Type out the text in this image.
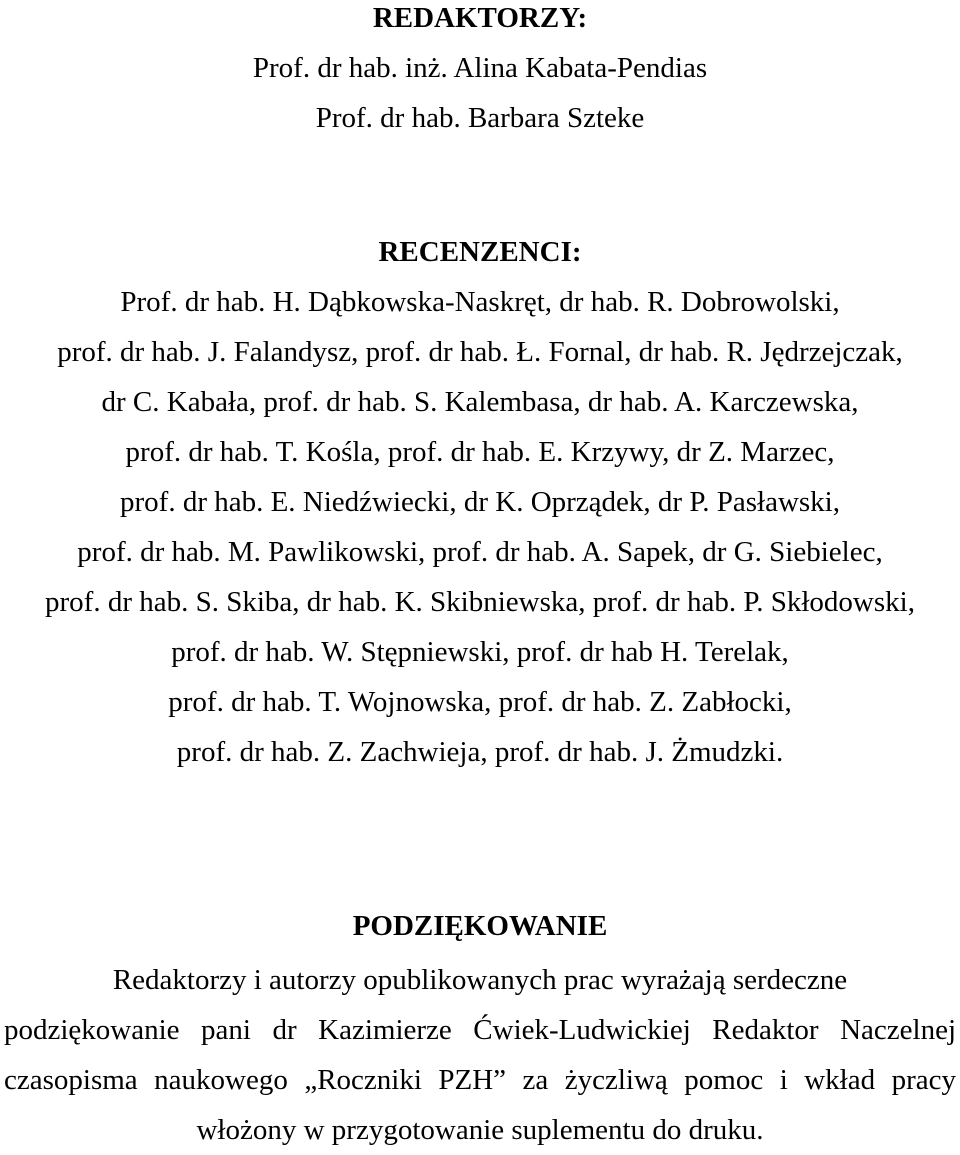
REDAKTORZY:
Prof. dr hab. inż. Alina Kabata-Pendias
Prof. dr hab. Barbara Szteke
RECENZENCI:
Prof. dr hab. H. Dąbkowska-Naskręt, dr hab. R. Dobrowolski,
prof. dr hab. J. Falandysz, prof. dr hab. Ł. Fornal, dr hab. R. Jędrzejczak,
dr C. Kabała, prof. dr hab. S. Kalembasa, dr hab. A. Karczewska,
prof. dr hab. T. Kośla, prof. dr hab. E. Krzywy, dr Z. Marzec,
prof. dr hab. E. Niedźwiecki, dr K. Oprządek, dr P. Pasławski,
prof. dr hab. M. Pawlikowski, prof. dr hab. A. Sapek, dr G. Siebielec,
prof. dr hab. S. Skiba, dr hab. K. Skibniewska, prof. dr hab. P. Skłodowski,
prof. dr hab. W. Stępniewski, prof. dr hab H. Terelak,
prof. dr hab. T. Wojnowska, prof. dr hab. Z. Zabłocki,
prof. dr hab. Z. Zachwieja, prof. dr hab. J. Żmudzki.
PODZIĘKOWANIE
Redaktorzy i autorzy opublikowanych prac wyrażają serdeczne
podziękowanie pani dr Kazimierze Ćwiek-Ludwickiej Redaktor Naczelnej
czasopisma naukowego „Roczniki PZH” za życzliwą pomoc i wkład pracy
włożony w przygotowanie suplementu do druku.
